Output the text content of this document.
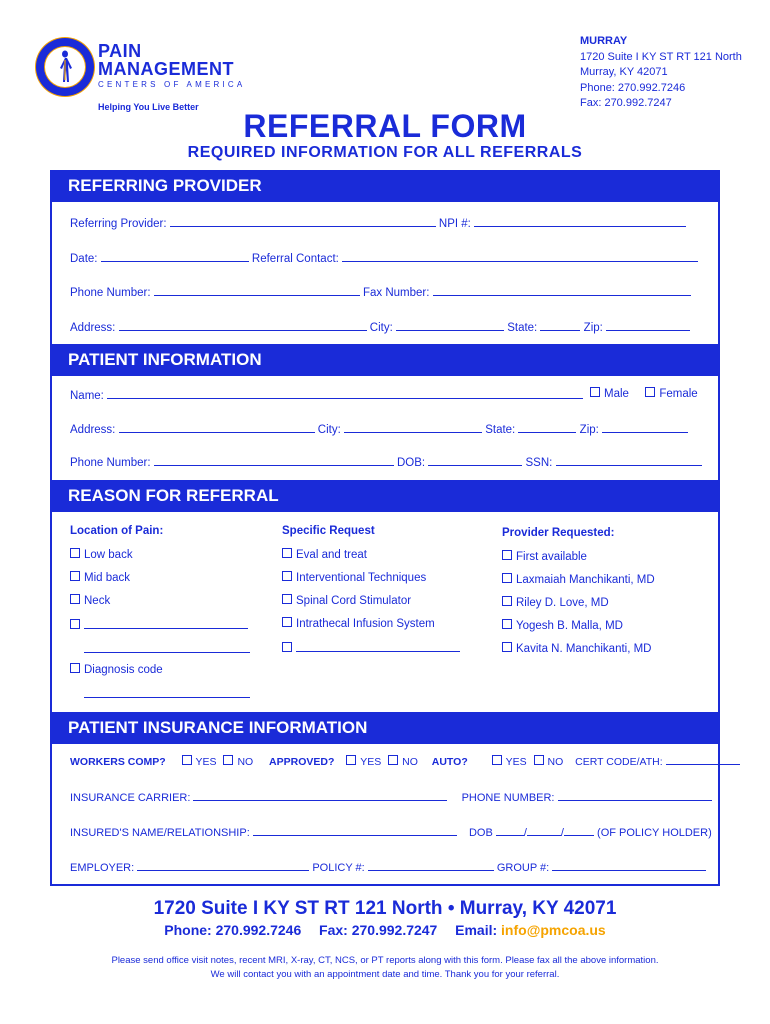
PAIN
MANAGEMENT
CENTERS OF AMERICA
Helping You Live Better
MURRAY
1720 Suite I KY ST RT 121 North
Murray, KY 42071
Phone: 270.992.7246
Fax: 270.992.7247
REFERRAL FORM
REQUIRED INFORMATION FOR ALL REFERRALS
REFERRING PROVIDER
Referring Provider:	NPI #:
Date:	Referral Contact:
Phone Number:	Fax Number:
Address:	City:	State:	Zip:
PATIENT INFORMATION
Name:	Male	Female
Address:	City:	State:	Zip:
Phone Number:	DOB:	SSN:
REASON FOR REFERRAL
Location of Pain:
Low back
Mid back
Neck
Diagnosis code
Specific Request
Eval and treat
Interventional Techniques
Spinal Cord Stimulator
Intrathecal Infusion System
Provider Requested:
First available
Laxmaiah Manchikanti, MD
Riley D. Love, MD
Yogesh B. Malla, MD
Kavita N. Manchikanti, MD
PATIENT INSURANCE INFORMATION
WORKERS COMP?	YES NO APPROVED? YES NO AUTO?	YES NO CERT CODE/ATH:
INSURANCE CARRIER:	PHONE NUMBER:
INSURED'S NAME/RELATIONSHIP:	DOB	/	/	(OF POLICY HOLDER)
EMPLOYER:	POLICY #:	GROUP #:
1720 Suite I KY ST RT 121 North • Murray, KY 42071
Phone: 270.992.7246 Fax: 270.992.7247 Email: info@pmcoa.us
Please send office visit notes, recent MRI, X-ray, CT, NCS, or PT reports along with this form. Please fax all the above information.
We will contact you with an appointment date and time. Thank you for your referral.
